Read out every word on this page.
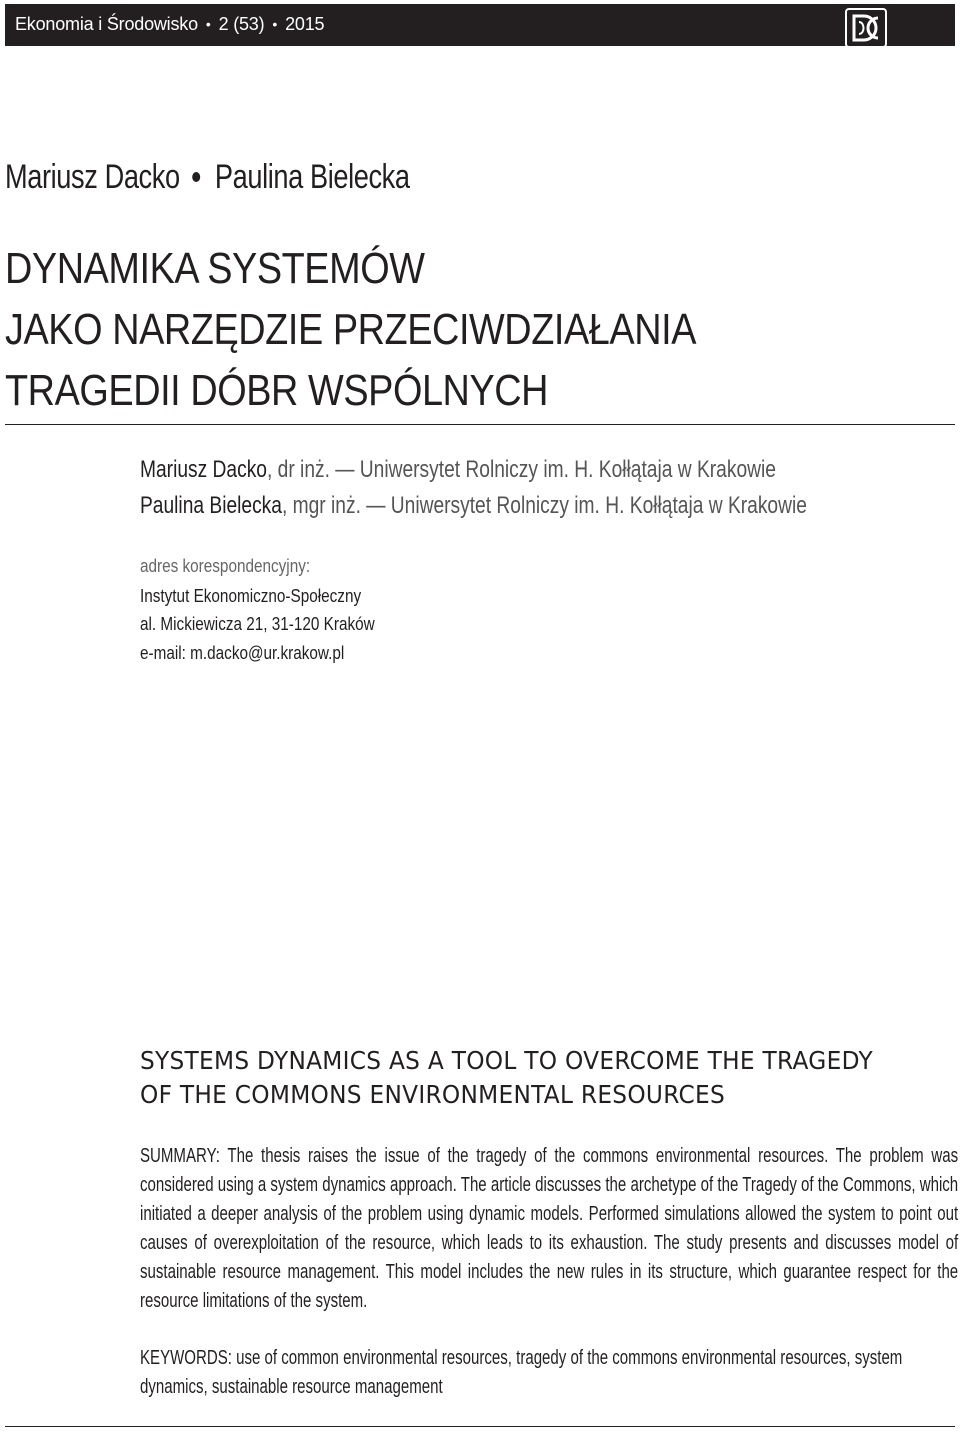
Ekonomia i Środowisko • 2 (53) • 2015
Mariusz Dacko Paulina Bielecka
DYNAMIKA SYSTEMÓW
JAKO NARZĘDZIE PRZECIWDZIAŁANIA
TRAGEDII DÓBR WSPÓLNYCH
Mariusz Dacko, dr inż. — Uniwersytet Rolniczy im. H. Kołłątaja w Krakowie
Paulina Bielecka, mgr inż. — Uniwersytet Rolniczy im. H. Kołłątaja w Krakowie
adres korespondencyjny:
Instytut Ekonomiczno-Społeczny
al. Mickiewicza 21, 31-120 Kraków
e-mail: m.dacko@ur.krakow.pl
SYSTEMS DYNAMICS AS A TOOL TO OVERCOME THE TRAGEDY
OF THE COMMONS ENVIRONMENTAL RESOURCES

SUMMARY: The thesis raises the issue of the tragedy of the commons environmental resources. The problem was considered using a system dynamics approach. The article discusses the archetype of the Tragedy of the Commons, which initiated a deeper analysis of the problem using dynamic models. Performed simulations allowed the system to point out causes of overexploitation of the resource, which leads to its exhaustion. The study presents and discusses model of sustainable resource management. This model includes the new rules in its structure, which guarantee respect for the resource limitations of the system.

KEYWORDS: use of common environmental resources, tragedy of the commons environmental resources, system dynamics, sustainable resource management
